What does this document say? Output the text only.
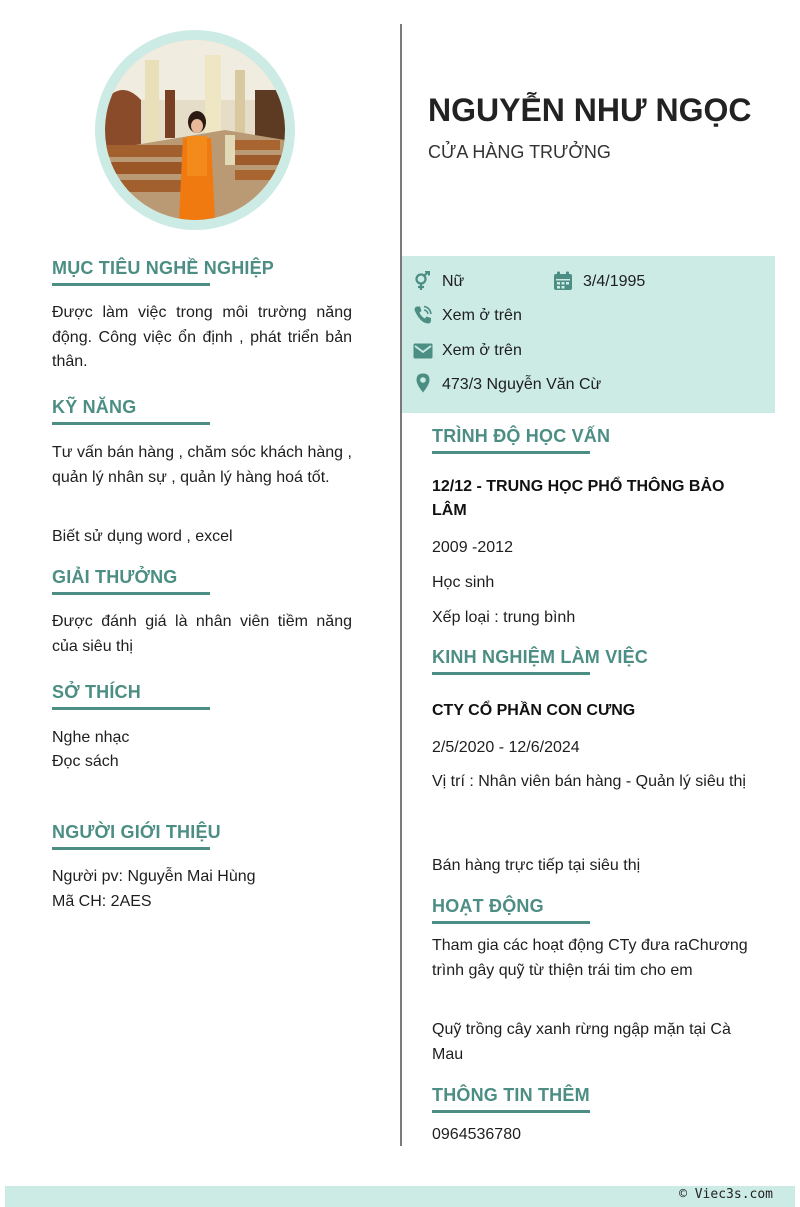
MỤC TIÊU NGHỀ NGHIỆP
Được làm việc trong môi trường năng động. Công việc ổn định , phát triển bản thân.
KỸ NĂNG
Tư vấn bán hàng , chăm sóc khách hàng , quản lý nhân sự , quản lý hàng hoá tốt.
Biết sử dụng word , excel
GIẢI THƯỞNG
Được đánh giá là nhân viên tiềm năng của siêu thị
SỞ THÍCH
Nghe nhạc
Đọc sách
NGƯỜI GIỚI THIỆU
Người pv: Nguyễn Mai Hùng
Mã CH: 2AES
NGUYỄN NHƯ NGỌC
CỬA HÀNG TRƯỞNG
Nữ	3/4/1995
Xem ở trên
Xem ở trên
473/3 Nguyễn Văn Cừ
TRÌNH ĐỘ HỌC VẤN
12/12 - TRUNG HỌC PHỔ THÔNG BẢO LÂM
2009 -2012
Học sinh
Xếp loại : trung bình
KINH NGHIỆM LÀM VIỆC
CTY CỔ PHẦN CON CƯNG
2/5/2020 - 12/6/2024
Vị trí : Nhân viên bán hàng - Quản lý siêu thị
Bán hàng trực tiếp tại siêu thị
HOẠT ĐỘNG
Tham gia các hoạt động CTy đưa raChương trình gây quỹ từ thiện trái tim cho em
Quỹ trồng cây xanh rừng ngập mặn tại Cà Mau
THÔNG TIN THÊM
0964536780
© Viec3s.com
